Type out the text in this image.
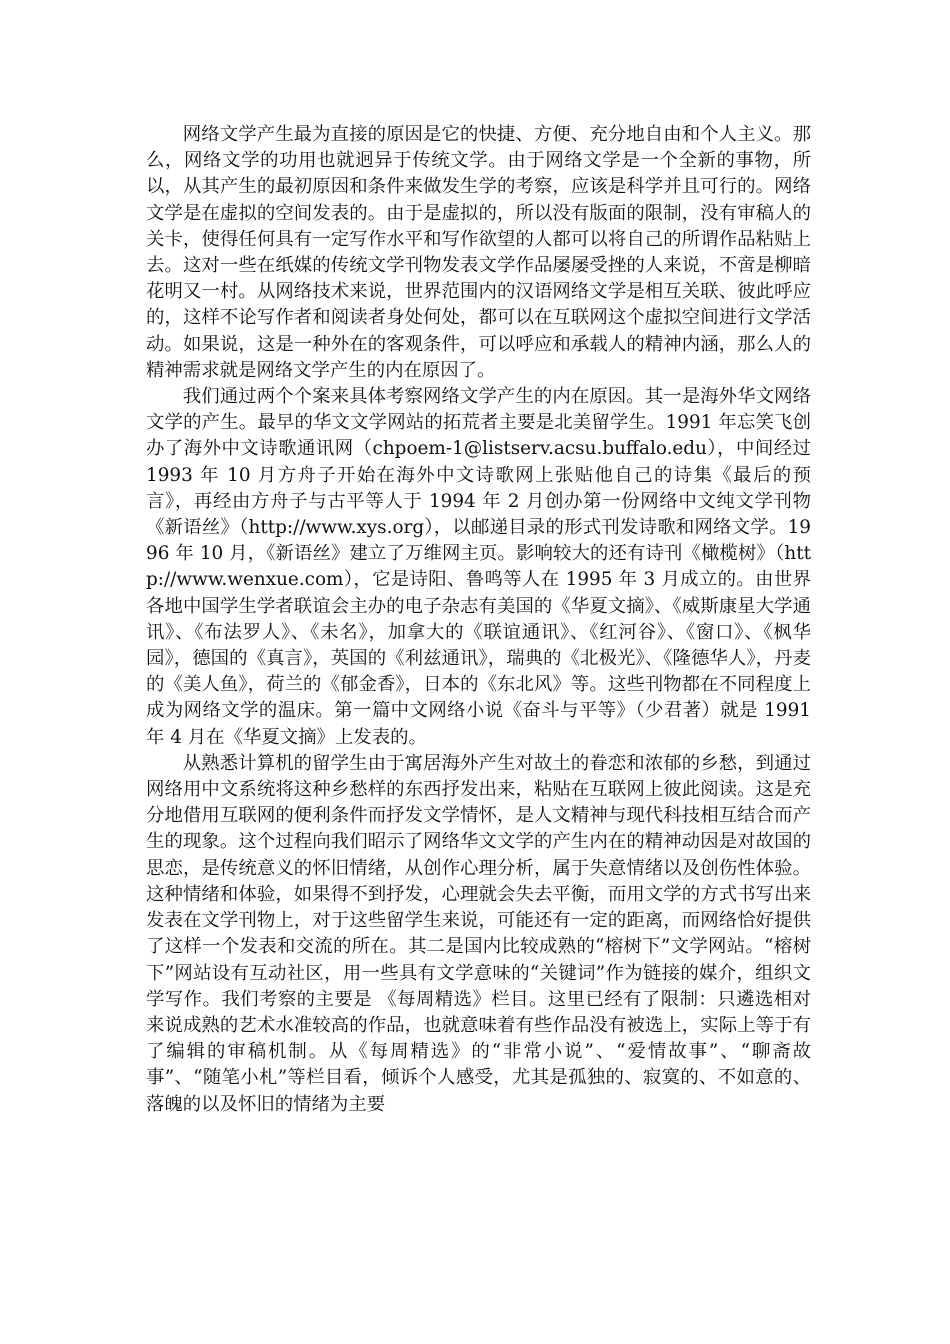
网络文学产生最为直接的原因是它的快捷、方便、充分地自由和个人主义。那么，网络文学的功用也就迥异于传统文学。由于网络文学是一个全新的事物，所以，从其产生的最初原因和条件来做发生学的考察，应该是科学并且可行的。网络文学是在虚拟的空间发表的。由于是虚拟的，所以没有版面的限制，没有审稿人的关卡，使得任何具有一定写作水平和写作欲望的人都可以将自己的所谓作品粘贴上去。这对一些在纸媒的传统文学刊物发表文学作品屡屡受挫的人来说，不啻是柳暗花明又一村。从网络技术来说，世界范围内的汉语网络文学是相互关联、彼此呼应的，这样不论写作者和阅读者身处何处，都可以在互联网这个虚拟空间进行文学活动。如果说，这是一种外在的客观条件，可以呼应和承载人的精神内涵，那么人的精神需求就是网络文学产生的内在原因了。

我们通过两个个案来具体考察网络文学产生的内在原因。其一是海外华文网络文学的产生。最早的华文文学网站的拓荒者主要是北美留学生。1991 年忘笑飞创办了海外中文诗歌通讯网（chpoem-1@listserv.acsu.buffalo.edu），中间经过 1993 年 10 月方舟子开始在海外中文诗歌网上张贴他自己的诗集《最后的预言》，再经由方舟子与古平等人于 1994 年 2 月创办第一份网络中文纯文学刊物《新语丝》（http://www.xys.org），以邮递目录的形式刊发诗歌和网络文学。1996 年 10 月，《新语丝》建立了万维网主页。影响较大的还有诗刊《橄榄树》（http://www.wenxue.com），它是诗阳、鲁鸣等人在 1995 年 3 月成立的。由世界各地中国学生学者联谊会主办的电子杂志有美国的《华夏文摘》、《威斯康星大学通讯》、《布法罗人》、《未名》，加拿大的《联谊通讯》、《红河谷》、《窗口》、《枫华园》，德国的《真言》，英国的《利兹通讯》，瑞典的《北极光》、《隆德华人》，丹麦的《美人鱼》，荷兰的《郁金香》，日本的《东北风》等。这些刊物都在不同程度上成为网络文学的温床。第一篇中文网络小说《奋斗与平等》（少君著）就是 1991 年 4 月在《华夏文摘》上发表的。

从熟悉计算机的留学生由于寓居海外产生对故土的眷恋和浓郁的乡愁，到通过网络用中文系统将这种乡愁样的东西抒发出来，粘贴在互联网上彼此阅读。这是充分地借用互联网的便利条件而抒发文学情怀，是人文精神与现代科技相互结合而产生的现象。这个过程向我们昭示了网络华文文学的产生内在的精神动因是对故国的思恋，是传统意义的怀旧情绪，从创作心理分析，属于失意情绪以及创伤性体验。这种情绪和体验，如果得不到抒发，心理就会失去平衡，而用文学的方式书写出来发表在文学刊物上，对于这些留学生来说，可能还有一定的距离，而网络恰好提供了这样一个发表和交流的所在。其二是国内比较成熟的“榕树下”文学网站。“榕树下”网站设有互动社区，用一些具有文学意味的“关键词”作为链接的媒介，组织文学写作。我们考察的主要是 《每周精选》栏目。这里已经有了限制：只遴选相对来说成熟的艺术水准较高的作品，也就意味着有些作品没有被选上，实际上等于有了编辑的审稿机制。从《每周精选》的“非常小说”、“爱情故事”、“聊斋故事”、“随笔小札”等栏目看，倾诉个人感受，尤其是孤独的、寂寞的、不如意的、落魄的以及怀旧的情绪为主要
